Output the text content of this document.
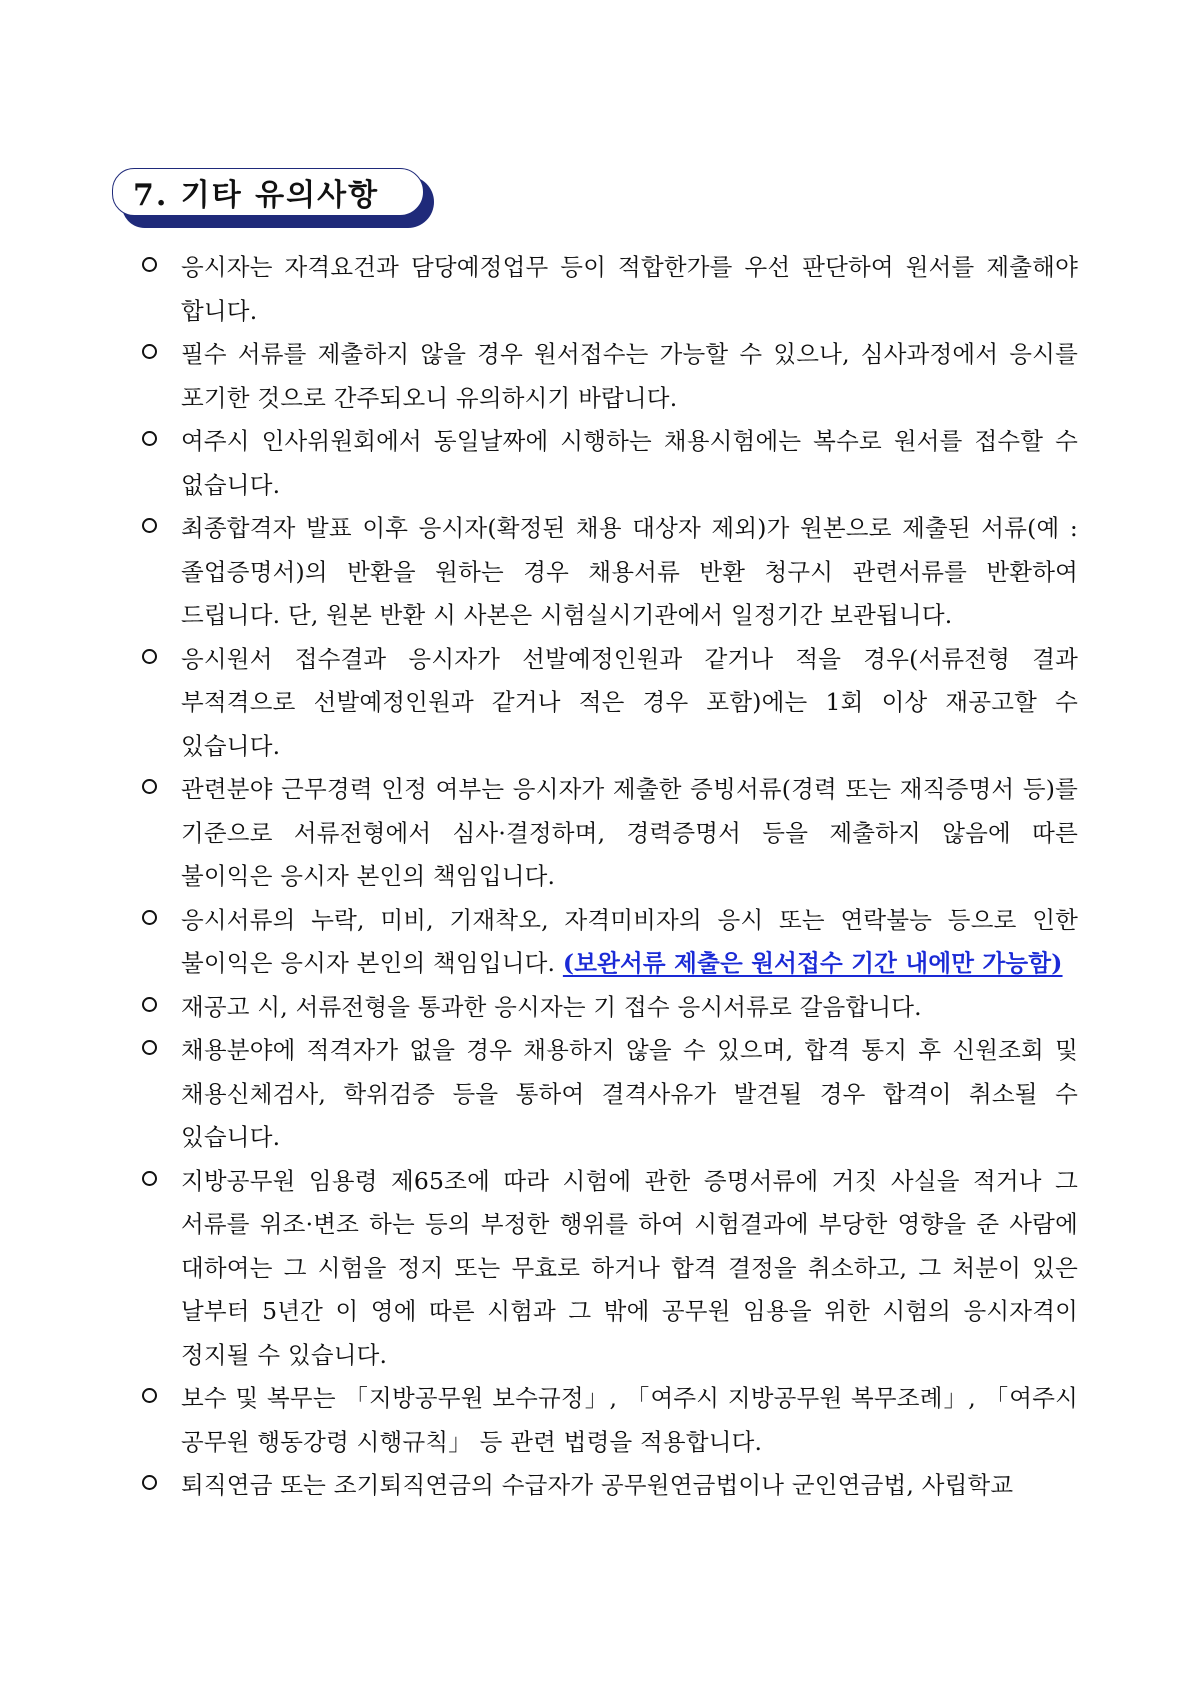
7. 기타 유의사항
응시자는 자격요건과 담당예정업무 등이 적합한가를 우선 판단하여 원서를 제출해야 합니다.
필수 서류를 제출하지 않을 경우 원서접수는 가능할 수 있으나, 심사과정에서 응시를 포기한 것으로 간주되오니 유의하시기 바랍니다.
여주시 인사위원회에서 동일날짜에 시행하는 채용시험에는 복수로 원서를 접수할 수 없습니다.
최종합격자 발표 이후 응시자(확정된 채용 대상자 제외)가 원본으로 제출된 서류(예 : 졸업증명서)의 반환을 원하는 경우 채용서류 반환 청구시 관련서류를 반환하여 드립니다. 단, 원본 반환 시 사본은 시험실시기관에서 일정기간 보관됩니다.
응시원서 접수결과 응시자가 선발예정인원과 같거나 적을 경우(서류전형 결과 부적격으로 선발예정인원과 같거나 적은 경우 포함)에는 1회 이상 재공고할 수 있습니다.
관련분야 근무경력 인정 여부는 응시자가 제출한 증빙서류(경력 또는 재직증명서 등)를 기준으로 서류전형에서 심사·결정하며, 경력증명서 등을 제출하지 않음에 따른 불이익은 응시자 본인의 책임입니다.
응시서류의 누락, 미비, 기재착오, 자격미비자의 응시 또는 연락불능 등으로 인한 불이익은 응시자 본인의 책임입니다. (보완서류 제출은 원서접수 기간 내에만 가능함)
재공고 시, 서류전형을 통과한 응시자는 기 접수 응시서류로 갈음합니다.
채용분야에 적격자가 없을 경우 채용하지 않을 수 있으며, 합격 통지 후 신원조회 및 채용신체검사, 학위검증 등을 통하여 결격사유가 발견될 경우 합격이 취소될 수 있습니다.
지방공무원 임용령 제65조에 따라 시험에 관한 증명서류에 거짓 사실을 적거나 그 서류를 위조·변조 하는 등의 부정한 행위를 하여 시험결과에 부당한 영향을 준 사람에 대하여는 그 시험을 정지 또는 무효로 하거나 합격 결정을 취소하고, 그 처분이 있은 날부터 5년간 이 영에 따른 시험과 그 밖에 공무원 임용을 위한 시험의 응시자격이 정지될 수 있습니다.
보수 및 복무는 「지방공무원 보수규정」, 「여주시 지방공무원 복무조례」, 「여주시 공무원 행동강령 시행규칙」 등 관련 법령을 적용합니다.
퇴직연금 또는 조기퇴직연금의 수급자가 공무원연금법이나 군인연금법, 사립학교
